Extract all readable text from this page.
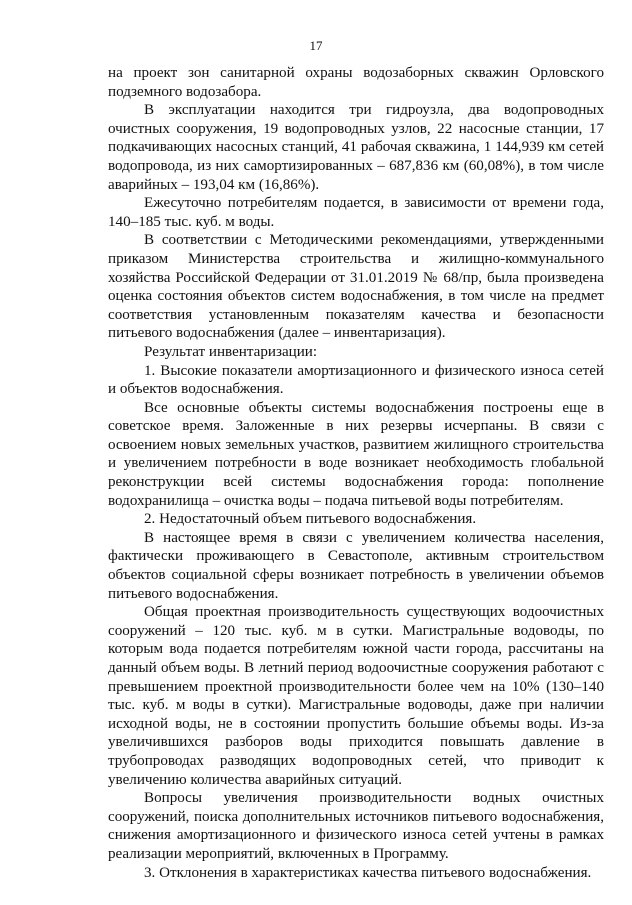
17

на проект зон санитарной охраны водозаборных скважин Орловского подземного водозабора.

В эксплуатации находится три гидроузла, два водопроводных очистных сооружения, 19 водопроводных узлов, 22 насосные станции, 17 подкачивающих насосных станций, 41 рабочая скважина, 1 144,939 км сетей водопровода, из них самортизированных – 687,836 км (60,08%), в том числе аварийных – 193,04 км (16,86%).

Ежесуточно потребителям подается, в зависимости от времени года, 140–185 тыс. куб. м воды.

В соответствии с Методическими рекомендациями, утвержденными приказом Министерства строительства и жилищно-коммунального хозяйства Российской Федерации от 31.01.2019 № 68/пр, была произведена оценка состояния объектов систем водоснабжения, в том числе на предмет соответствия установленным показателям качества и безопасности питьевого водоснабжения (далее – инвентаризация).

Результат инвентаризации:

1. Высокие показатели амортизационного и физического износа сетей и объектов водоснабжения.

Все основные объекты системы водоснабжения построены еще в советское время. Заложенные в них резервы исчерпаны. В связи с освоением новых земельных участков, развитием жилищного строительства и увеличением потребности в воде возникает необходимость глобальной реконструкции всей системы водоснабжения города: пополнение водохранилища – очистка воды – подача питьевой воды потребителям.

2. Недостаточный объем питьевого водоснабжения.

В настоящее время в связи с увеличением количества населения, фактически проживающего в Севастополе, активным строительством объектов социальной сферы возникает потребность в увеличении объемов питьевого водоснабжения.

Общая проектная производительность существующих водоочистных сооружений – 120 тыс. куб. м в сутки. Магистральные водоводы, по которым вода подается потребителям южной части города, рассчитаны на данный объем воды. В летний период водоочистные сооружения работают с превышением проектной производительности более чем на 10% (130–140 тыс. куб. м воды в сутки). Магистральные водоводы, даже при наличии исходной воды, не в состоянии пропустить большие объемы воды. Из-за увеличившихся разборов воды приходится повышать давление в трубопроводах разводящих водопроводных сетей, что приводит к увеличению количества аварийных ситуаций.

Вопросы увеличения производительности водных очистных сооружений, поиска дополнительных источников питьевого водоснабжения, снижения амортизационного и физического износа сетей учтены в рамках реализации мероприятий, включенных в Программу.

3. Отклонения в характеристиках качества питьевого водоснабжения.
